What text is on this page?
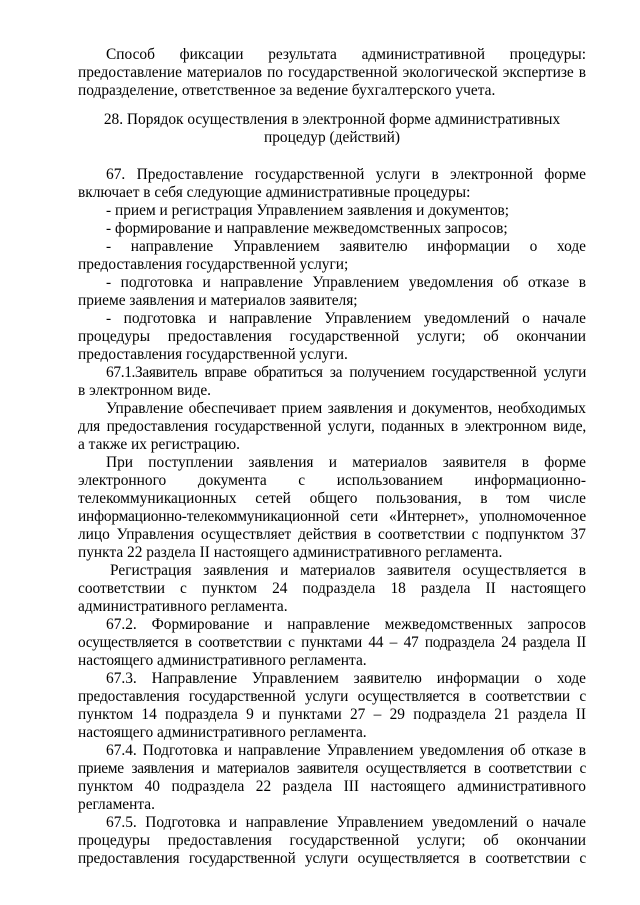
Способ фиксации результата административной процедуры:
предоставление материалов по государственной экологической экспертизе в
подразделение, ответственное за ведение бухгалтерского учета.
28. Порядок осуществления в электронной форме административных
процедур (действий)
67. Предоставление государственной услуги в электронной форме
включает в себя следующие административные процедуры:
- прием и регистрация Управлением заявления и документов;
- формирование и направление межведомственных запросов;
- направление Управлением заявителю информации о ходе
предоставления государственной услуги;
- подготовка и направление Управлением уведомления об отказе в
приеме заявления и материалов заявителя;
- подготовка и направление Управлением уведомлений о начале
процедуры предоставления государственной услуги; об окончании
предоставления государственной услуги.
67.1.Заявитель вправе обратиться за получением государственной услуги
в электронном виде.
Управление обеспечивает прием заявления и документов, необходимых
для предоставления государственной услуги, поданных в электронном виде,
а также их регистрацию.
При поступлении заявления и материалов заявителя в форме
электронного документа с использованием информационно-
телекоммуникационных сетей общего пользования, в том числе
информационно-телекоммуникационной сети «Интернет», уполномоченное
лицо Управления осуществляет действия в соответствии с подпунктом 37
пункта 22 раздела II настоящего административного регламента.
Регистрация заявления и материалов заявителя осуществляется в
соответствии с пунктом 24 подраздела 18 раздела II настоящего
административного регламента.
67.2. Формирование и направление межведомственных запросов
осуществляется в соответствии с пунктами 44 – 47 подраздела 24 раздела II
настоящего административного регламента.
67.3. Направление Управлением заявителю информации о ходе
предоставления государственной услуги осуществляется в соответствии с
пунктом 14 подраздела 9 и пунктами 27 – 29 подраздела 21 раздела II
настоящего административного регламента.
67.4. Подготовка и направление Управлением уведомления об отказе в
приеме заявления и материалов заявителя осуществляется в соответствии с
пунктом 40 подраздела 22 раздела III настоящего административного
регламента.
67.5. Подготовка и направление Управлением уведомлений о начале
процедуры предоставления государственной услуги; об окончании
предоставления государственной услуги осуществляется в соответствии с
